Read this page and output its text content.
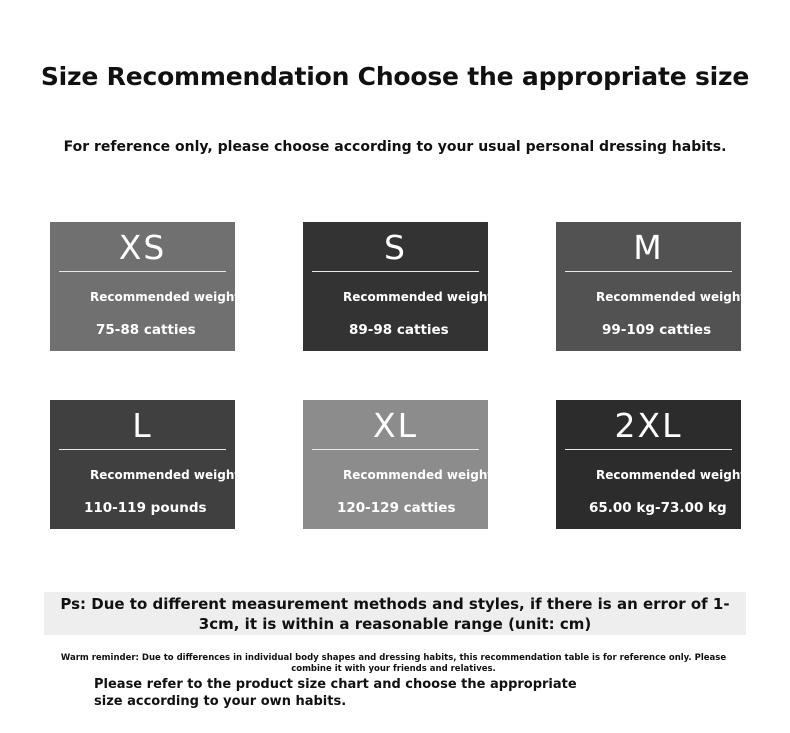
Size Recommendation Choose the appropriate size
For reference only, please choose according to your usual personal dressing habits.
XS
Recommended weight
75-88 catties
S
Recommended weight
89-98 catties
M
Recommended weight
99-109 catties
L
Recommended weight
110-119 pounds
XL
Recommended weight
120-129 catties
2XL
Recommended weight
65.00 kg-73.00 kg
Ps: Due to different measurement methods and styles, if there is an error of 1-3cm, it is within a reasonable range (unit: cm)
Warm reminder: Due to differences in individual body shapes and dressing habits, this recommendation table is for reference only. Please combine it with your friends and relatives.
Please refer to the product size chart and choose the appropriate size according to your own habits.
